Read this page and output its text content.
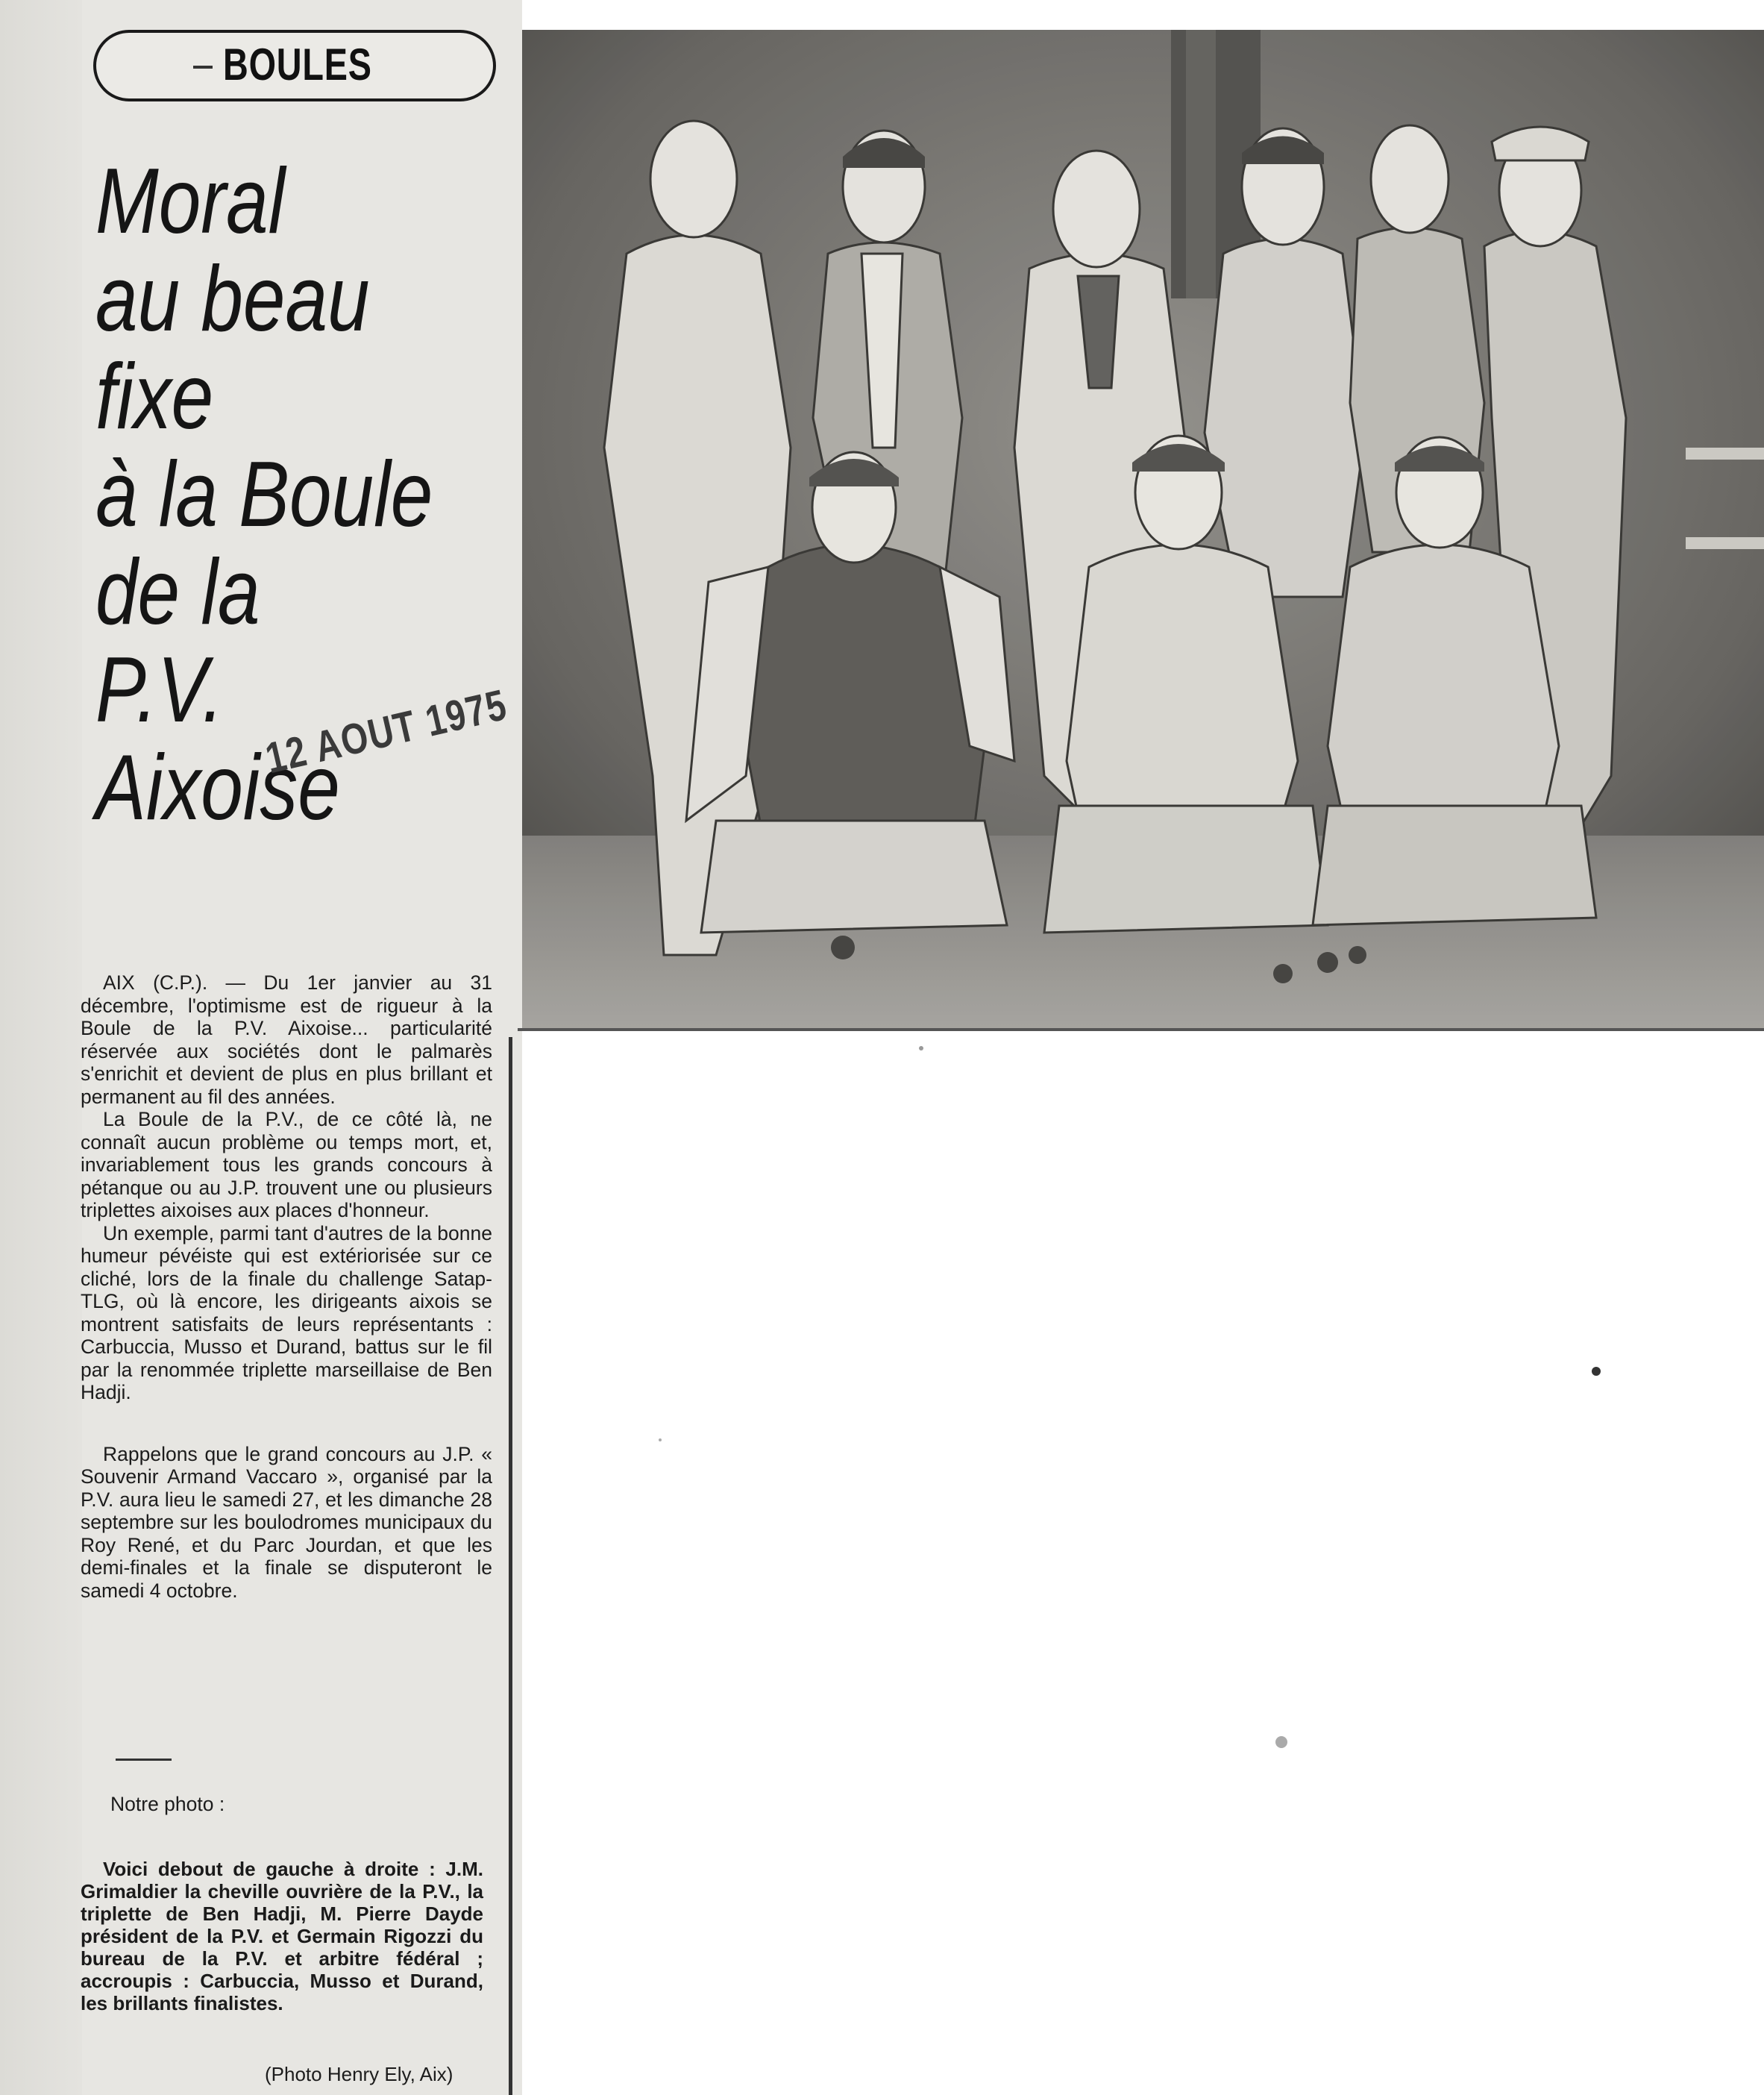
BOULES
Moral
au beau
fixe
à la Boule
de la
P.V.
Aixoise
12 AOUT 1975

AIX (C.P.). — Du 1er janvier au 31 décembre, l'optimisme est de rigueur à la Boule de la P.V. Aixoise... particularité réservée aux sociétés dont le palmarès s'enrichit et devient de plus en plus brillant et permanent au fil des années.

La Boule de la P.V., de ce côté là, ne connaît aucun problème ou temps mort, et, invariablement tous les grands concours à pétanque ou au J.P. trouvent une ou plusieurs triplettes aixoises aux places d'honneur.

Un exemple, parmi tant d'autres de la bonne humeur pévéiste qui est extériorisée sur ce cliché, lors de la finale du challenge Satap-TLG, où là encore, les dirigeants aixois se montrent satisfaits de leurs représentants : Carbuccia, Musso et Durand, battus sur le fil par la renommée triplette marseillaise de Ben Hadji.

Rappelons que le grand concours au J.P. « Souvenir Armand Vaccaro », organisé par la P.V. aura lieu le samedi 27, et les dimanche 28 septembre sur les boulodromes municipaux du Roy René, et du Parc Jourdan, et que les demi-finales et la finale se disputeront le samedi 4 octobre.

Notre photo :
Voici debout de gauche à droite : J.M. Grimaldier la cheville ouvrière de la P.V., la triplette de Ben Hadji, M. Pierre Dayde président de la P.V. et Germain Rigozzi du bureau de la P.V. et arbitre fédéral ; accroupis : Carbuccia, Musso et Durand, les brillants finalistes.
(Photo Henry Ely, Aix)
